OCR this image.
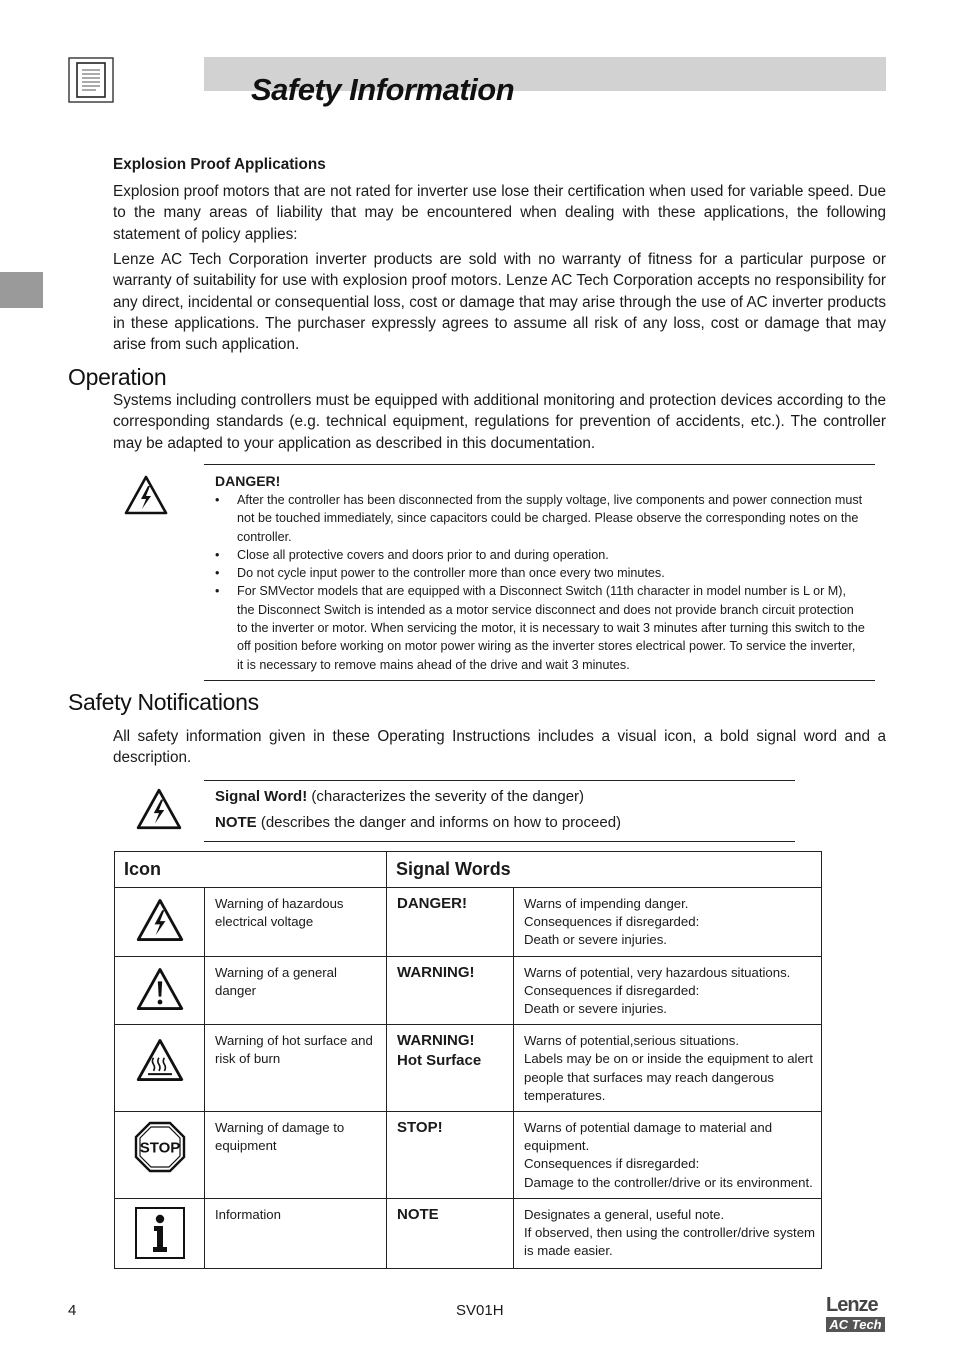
Safety Information
Explosion Proof Applications
Explosion proof motors that are not rated for inverter use lose their certification when used for variable speed. Due to the many areas of liability that may be encountered when dealing with these applications, the following statement of policy applies:
Lenze AC Tech Corporation inverter products are sold with no warranty of fitness for a particular purpose or warranty of suitability for use with explosion proof motors. Lenze AC Tech Corporation accepts no responsibility for any direct, incidental or consequential loss, cost or damage that may arise through the use of AC inverter products in these applications. The purchaser expressly agrees to assume all risk of any loss, cost or damage that may arise from such application.
Operation
Systems including controllers must be equipped with additional monitoring and protection devices according to the corresponding standards (e.g. technical equipment, regulations for prevention of accidents, etc.). The controller may be adapted to your application as described in this documentation.
DANGER!
• After the controller has been disconnected from the supply voltage, live components and power connection must not be touched immediately, since capacitors could be charged. Please observe the corresponding notes on the controller.
• Close all protective covers and doors prior to and during operation.
• Do not cycle input power to the controller more than once every two minutes.
• For SMVector models that are equipped with a Disconnect Switch (11th character in model number is L or M), the Disconnect Switch is intended as a motor service disconnect and does not provide branch circuit protection to the inverter or motor. When servicing the motor, it is necessary to wait 3 minutes after turning this switch to the off position before working on motor power wiring as the inverter stores electrical power. To service the inverter, it is necessary to remove mains ahead of the drive and wait 3 minutes.
Safety Notifications
All safety information given in these Operating Instructions includes a visual icon, a bold signal word and a description.
Signal Word! (characterizes the severity of the danger)
NOTE (describes the danger and informs on how to proceed)
Icon		Signal Words	
	Warning of hazardous electrical voltage	DANGER!	Warns of impending danger.
Consequences if disregarded:
Death or severe injuries.

	Warning of a general danger	WARNING!	Warns of potential, very hazardous situations.
Consequences if disregarded:
Death or severe injuries.

	Warning of hot surface and risk of burn	WARNING!
Hot Surface	Warns of potential,serious situations.
Labels may be on or inside the equipment to alert people that surfaces may reach dangerous temperatures.

STOP	Warning of damage to equipment	STOP!	Warns of potential damage to material and equipment.
Consequences if disregarded:
Damage to the controller/drive or its environment.

	Information	NOTE	Designates a general, useful note.
If observed, then using the controller/drive system is made easier.
4	SV01H	Lenze
AC Tech
